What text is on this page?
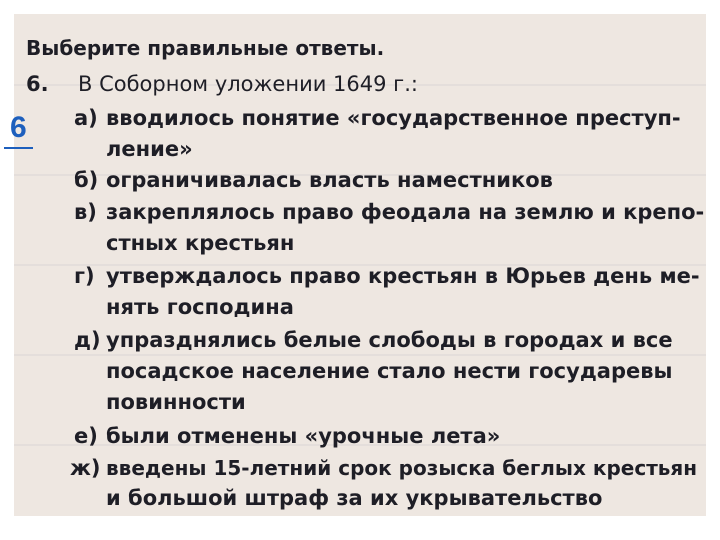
Выберите правильные ответы.
6. В Соборном уложении 1649 г.:
а) вводилось понятие «государственное преступ-
ление»
б) ограничивалась власть наместников
в) закреплялось право феодала на землю и крепо-
стных крестьян
г) утверждалось право крестьян в Юрьев день ме-
нять господина
д) упразднялись белые слободы в городах и все
посадское население стало нести государевы
повинности
е) были отменены «урочные лета»
ж) введены 15-летний срок розыска беглых крестьян
и большой штраф за их укрывательство
6
